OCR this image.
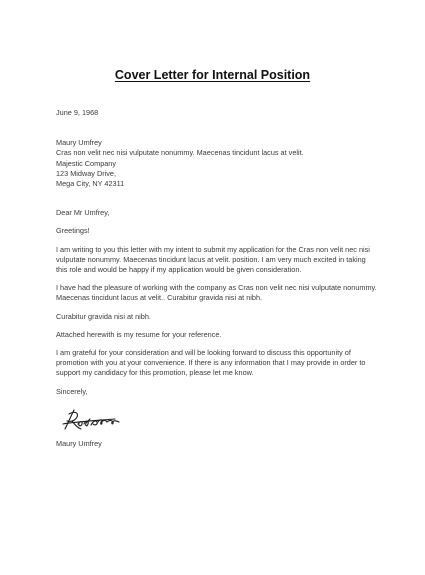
Cover Letter for Internal Position

June 9, 1968

Maury Umfrey
Cras non velit nec nisi vulputate nonummy. Maecenas tincidunt lacus at velit.
Majestic Company
123 Midway Drive,
Mega City, NY 42311

Dear Mr Umfrey,

Greetings!

I am writing to you this letter with my intent to submit my application for the Cras non velit nec nisi vulputate nonummy. Maecenas tincidunt lacus at velit. position. I am very much excited in taking this role and would be happy if my application would be given consideration.

I have had the pleasure of working with the company as Cras non velit nec nisi vulputate nonummy. Maecenas tincidunt lacus at velit.. Curabitur gravida nisi at nibh.

Curabitur gravida nisi at nibh.

Attached herewith is my resume for your reference.

I am grateful for your consideration and will be looking forward to discuss this opportunity of promotion with you at your convenience. If there is any information that I may provide in order to support my candidacy for this promotion, please let me know.

Sincerely,

Maury Umfrey
